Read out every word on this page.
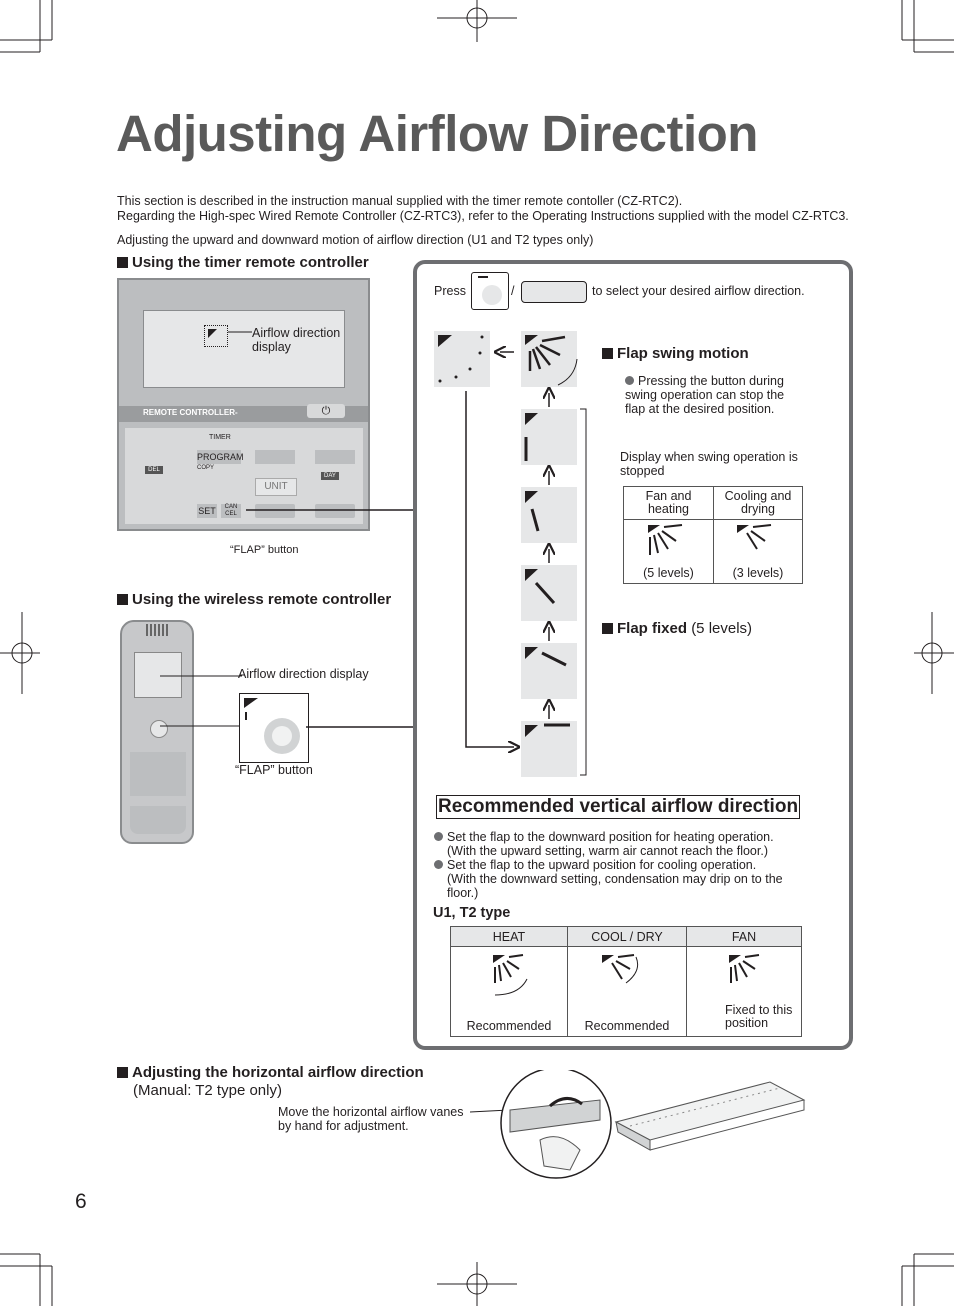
Adjusting Airflow Direction
This section is described in the instruction manual supplied with the timer remote contoller (CZ-RTC2).
Regarding the High-spec Wired Remote Controller (CZ-RTC3), refer to the Operating Instructions supplied with the model CZ-RTC3.
Adjusting the upward and downward motion of airflow direction (U1 and T2 types only)
Using the timer remote controller
REMOTE CONTROLLER-	⏻
TIMER
PROGRAM
COPY
DEL
UNIT
SET	CAN CEL
DAY
Airflow direction display
“FLAP” button
Using the wireless remote controller
Airflow direction display
“FLAP” button
Press	/	to select your desired airflow direction.
Flap swing motion
Pressing the button during swing operation can stop the flap at the desired position.
Display when swing operation is stopped
Fan and heating	Cooling and drying

(5 levels)	(3 levels)
Flap fixed (5 levels)
Recommended vertical airflow direction
Set the flap to the downward position for heating operation.
(With the upward setting, warm air cannot reach the floor.)
Set the flap to the upward position for cooling operation.
(With the downward setting, condensation may drip on to the
floor.)
U1, T2 type
HEAT	COOL / DRY	FAN

Recommended	Recommended	Fixed to this position
Adjusting the horizontal airflow direction
(Manual: T2 type only)
Move the horizontal airflow vanes by hand for adjustment.
6
